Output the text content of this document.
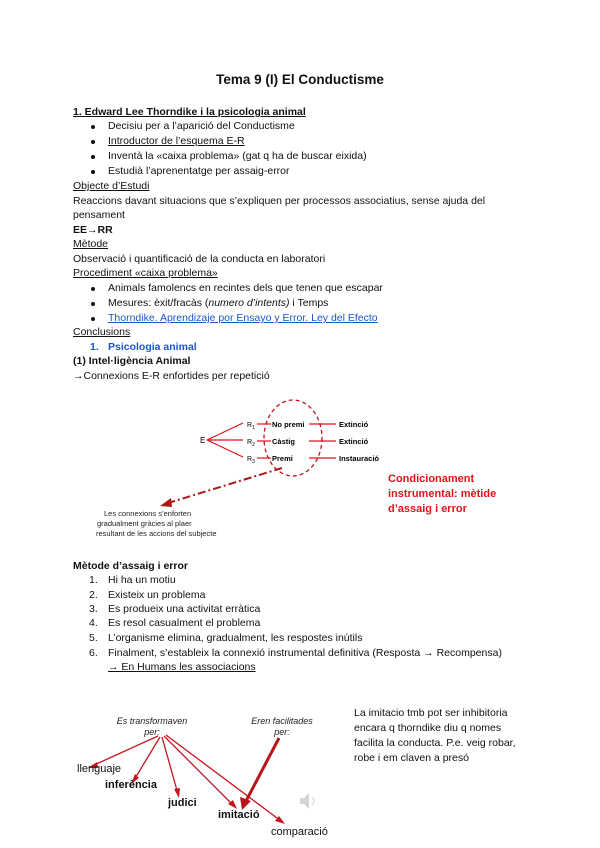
Tema 9 (I) El Conductisme
1. Edward Lee Thorndike i la psicologia animal
Decisiu per a l’aparició del Conductisme
Introductor de l’esquema E-R
Inventà la «caixa problema» (gat q ha de buscar eixida)
Estudià l’aprenentatge per assaig-error
Objecte d’Estudi
Reaccions davant situacions que s’expliquen per processos associatius, sense ajuda del
pensament
EE→RR
Mètode
Observació i quantificació de la conducta en laboratori
Procediment «caixa problema»
Animals famolencs en recintes dels que tenen que escapar
Mesures: èxit/fracàs (numero d’intents) i Temps
Thorndike. Aprendizaje por Ensayo y Error. Ley del Efecto
Conclusions
1. Psicologia animal
(1) Intel·ligència Animal
→Connexions E-R enfortides per repetició
E
$R_1$
$R_2$
$R_3$
No premi
Càstig
Premi
Extinció
Extinció
Instauració
Les connexions s’enforten
gradualment gràcies al plaer
resultant de les accions del subjecte
Condicionament
instrumental: mètide
d’assaig i error
Mètode d’assaig i error
1. Hi ha un motiu
2. Existeix un problema
3. Es produeix una activitat erràtica
4. Es resol casualment el problema
5. L’organisme elimina, gradualment, les respostes inútils
6. Finalment, s’estableix la connexió instrumental definitiva (Resposta → Recompensa)
→ En Humans les associacions
Es transformaven
per:
Eren facilitades
per:
llenguaje
inferència
judici
imitació
comparació
La imitacio tmb pot ser inhibitoria
encara q thorndike diu q nomes
facilita la conducta. P.e. veig robar,
robe i em claven a presó
